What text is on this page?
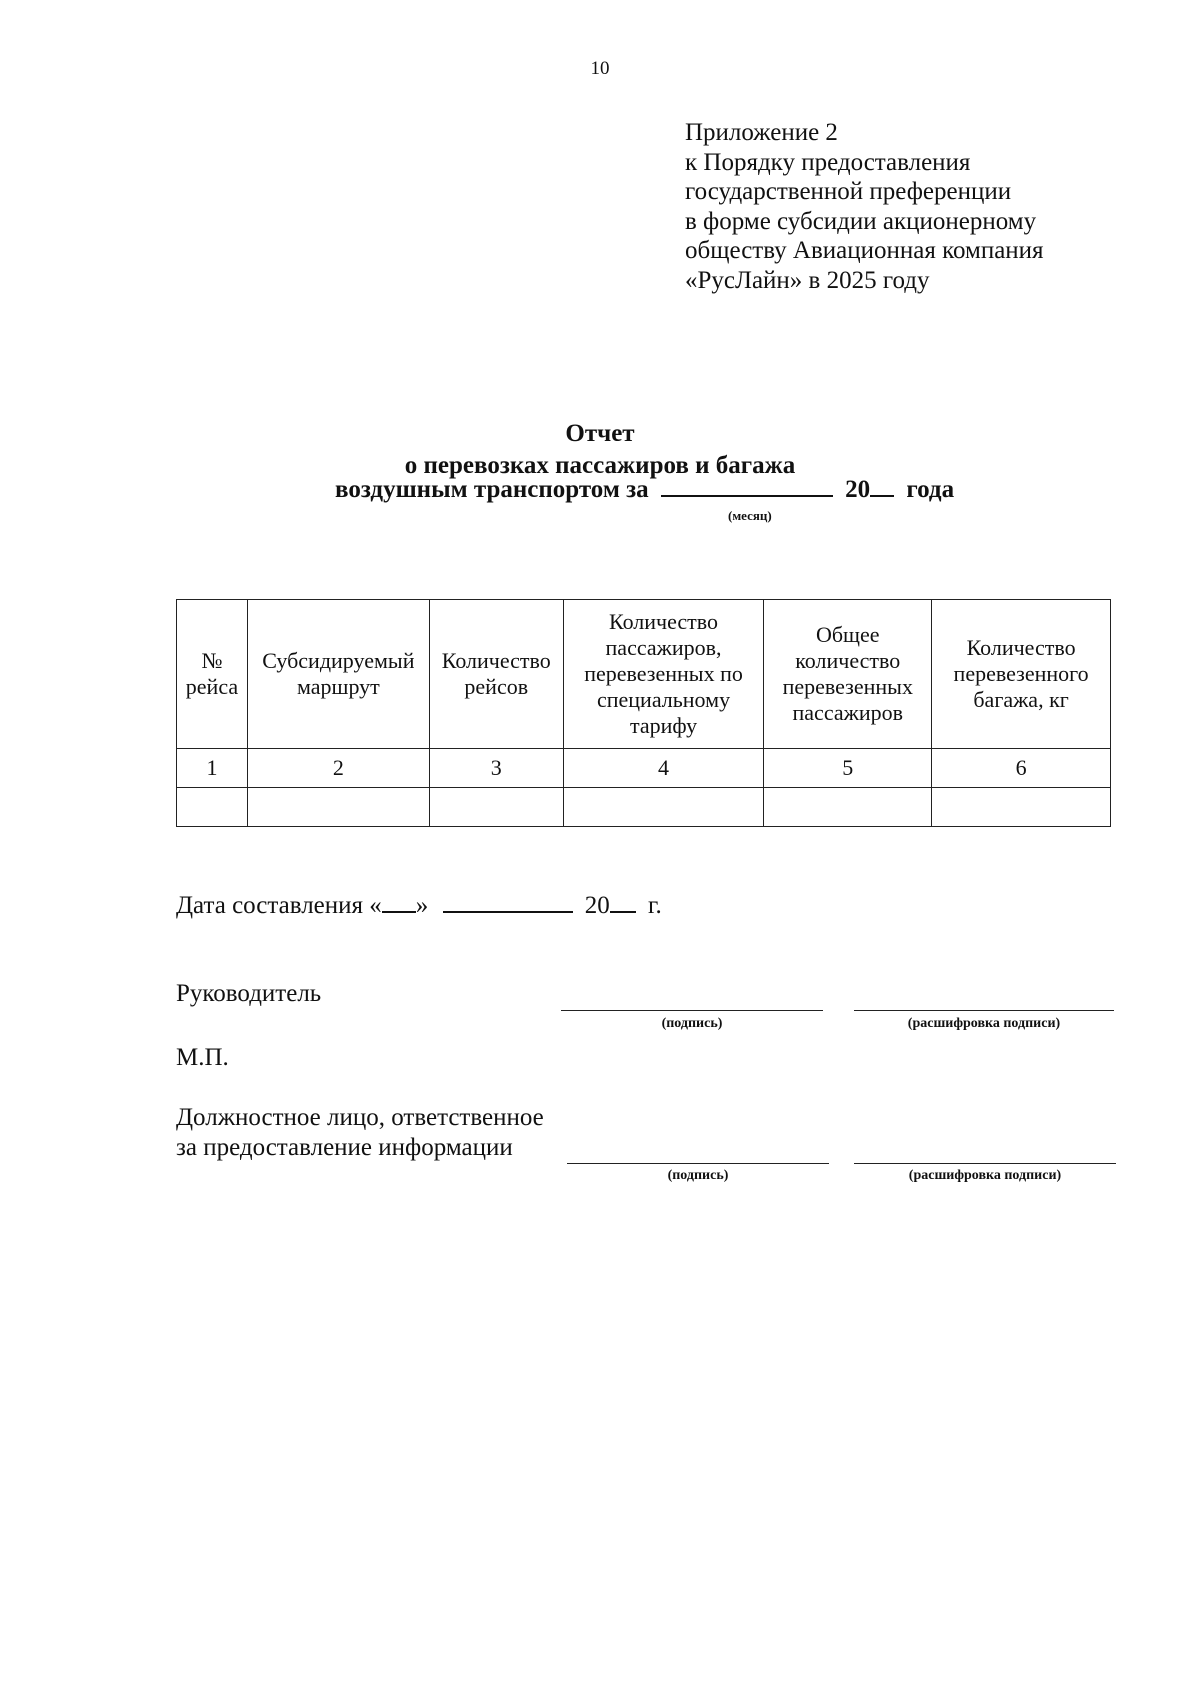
10
Приложение 2
к Порядку предоставления
государственной преференции
в форме субсидии акционерному
обществу Авиационная компания
«РусЛайн» в 2025 году
Отчет
о перевозках пассажиров и багажа
воздушным транспортом за	20 года
(месяц)
№ рейса	Субсидируемый маршрут	Количество рейсов	Количество пассажиров, перевезенных по специальному тарифу	Общее количество перевезенных пассажиров	Количество перевезенного багажа, кг
1	2	3	4	5	6

Дата составления « »	20 г.
Руководитель
(подпись)	(расшифровка подписи)
М.П.
Должностное лицо, ответственное
за предоставление информации
(подпись)	(расшифровка подписи)
